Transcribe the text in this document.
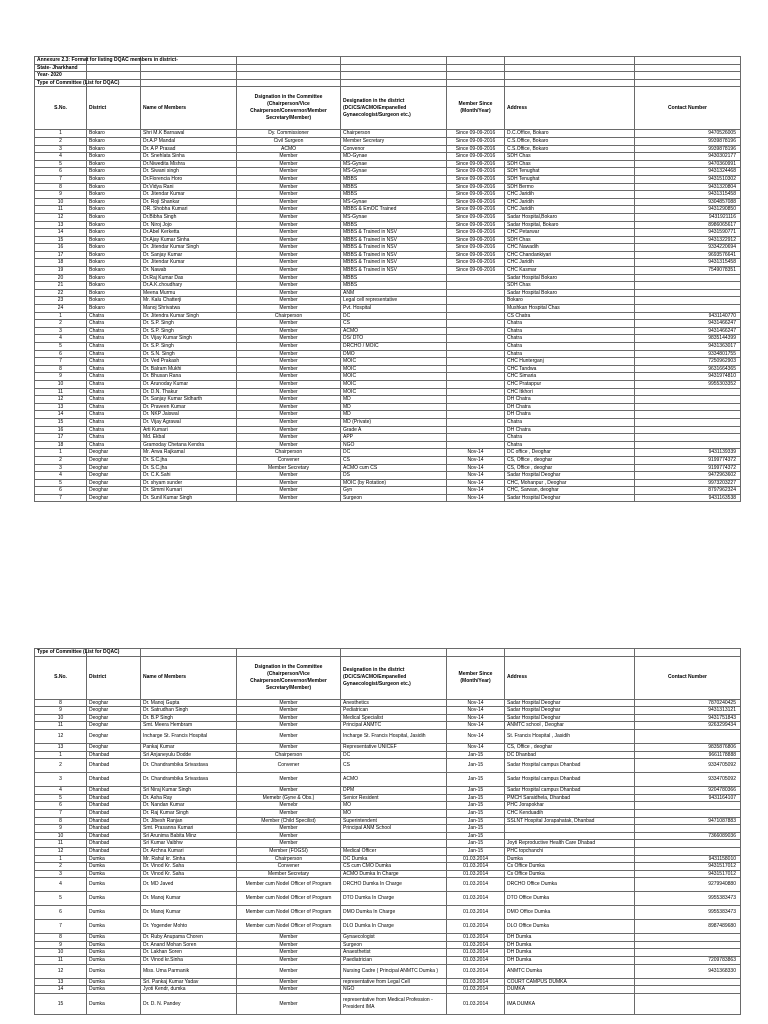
Annexure 2.3: Format for listing DQAC members in district-							
State- Jharkhand							
Year- 2020							
Type of Committee (List for DQAC)							
S.No.	District	Name of Members	Dsignation in the Committee (Chairperson/Vice Chairperson/Convernor/Member Secretary/Member)	Designation in the district (DC/CS/ACMO/Empanelled Gynaecologist/Surgeon etc.)	Member Since (Month/Year)	Address	Contact Number
1	Bokaro	Shri M.K Barnawal	Dy. Commissioner	Chairperson	Since 09-09-2016	D.C.Office, Bokaro	9470526005
2	Bokaro	Dr.A.P Mandal	Civil Surgeon	Member Secretary	Since 09-09-2016	C.S.Office, Bokaro	9939878196
3	Bokaro	Dr. A P Prasad	ACMO	Convenor	Since 09-09-2016	C.S.Office, Bokaro	9939878196
4	Bokaro	Dr. Snehlata Sinha	Member	MD-Gynae	Since 09-09-2016	SDH Chas	9430302177
5	Bokaro	Dr.Niwedita Mishra	Member	MS-Gynae	Since 09-09-2016	SDH Chas	9470360991
6	Bokaro	Dr. Siwani singh	Member	MS-Gynae	Since 09-09-2016	SDH Tenughat	9431324468
7	Bokaro	Dr.Florencia Horo	Member	MBBS	Since 09-09-2016	SDH Tenughat	9431510302
8	Bokaro	Dr.Vidya Rani	Member	MBBS	Since 09-09-2016	SDH Bermo	9431320804
9	Bokaro	Dr. Jitendar Kumar	Member	MBBS	Since 09-09-2016	CHC Jaridih	9431315458
10	Bokaro	Dr. Roji Shankar	Member	MS-Gynae	Since 09-09-2016	CHC Jaridih	9304857088
11	Bokaro	DR. Shobha Kumari	Member	MBBS & EmOC Trained	Since 09-09-2016	CHC Jaridih	9431290850
12	Bokaro	Dr.Bibha Singh	Member	MS-Gynae	Since 09-09-2016	Sadar Hospital,Bokaro	9431921116
13	Bokaro	Dr. Niroj Jojo	Member	MBBS	Since 09-09-2016	Sadar Hospital, Bokaro	8986065617
14	Bokaro	Dr.Abel Kerketta	Member	MBBS & Trained in NSV	Since 09-09-2016	CHC Petarwar	9431590771
15	Bokaro	Dr.Ajay Kumar Sinha	Member	MBBS & Trained in NSV	Since 09-09-2016	SDH Chas	9431322912
16	Bokaro	Dr. Jitendar Kumar Singh	Member	MBBS & Trained in NSV	Since 09-09-2016	CHC Nawadih	9334220694
17	Bokaro	Dr. Sanjay Kumar	Member	MBBS & Trained in NSV	Since 09-09-2016	CHC Chandankiyari	9693576641
18	Bokaro	Dr. Jitendar Kumar	Member	MBBS & Trained in NSV	Since 09-09-2016	CHC Jaridih	9431315458
19	Bokaro	Dr. Nawab	Member	MBBS & Trained in NSV	Since 09-09-2016	CHC Kasmar	7549078351
20	Bokaro	Dr.Raj Kumar Das	Member	MBBS		Sadar Hospital Bokaro	
21	Bokaro	Dr.A.K.choudhary	Member	MBBS		SDH Chas	
22	Bokaro	Meena Murmu	Member	ANM		Sadar Hospital Bokaro	
23	Bokaro	Mr. Kalu Chatterji	Member	Legal cell representative		Bokaro	
24	Bokaro	Manoj Shrivatwa	Member	Pvt. Hospital		Mushkan Hospital Chas	
1	Chatra	Dr. Jitendra Kumar Singh	Chairperson	DC		CS Chatra	9431140770
2	Chatra	Dr. S.P. Singh	Member	CS		Chatra	9431466247
3	Chatra	Dr. S.P. Singh	Member	ACMO		Chatra	9431466247
4	Chatra	Dr. Vijay Kumar Singh	Member	DS/ DTO		Chatra	9835144399
5	Chatra	Dr. S.P. Singh	Member	DRCHO / MOIC		Chatra	9431363017
6	Chatra	Dr. S.N. Singh	Member	DMO		Chatra	9334801755
7	Chatra	Dr. Ved Prakash	Member	MOIC		CHC Hunterganj	7250962903
8	Chatra	Dr. Balram Mukhi	Member	MOIC		CHC Tandwa	9631664365
9	Chatra	Dr. Bhusan Rana	Member	MOIC		CHC Simaria	9431974810
10	Chatra	Dr. Arunoday Kumar	Member	MOIC		CHC Pratappur	9955303352
11	Chatra	Dr. D.N. Thakur	Member	MOIC		CHC Itkhori	
12	Chatra	Dr. Sanjay Kumar Sidharth	Member	MD		DH Chatra	
13	Chatra	Dr. Praveen Kumar	Member	MD		DH Chatra	
14	Chatra	Dr. NKP Jaiswal	Member	MD		DH Chatra	
15	Chatra	Dr. Vijay Agrawal	Member	MD (Private)		Chatra	
16	Chatra	Arti Kumari	Member	Grade A		DH Chatra	
17	Chatra	Md. Ekbal	Member	APP		Chatra	
18	Chatra	Gramoday Chetana Kendra	Member	NGO		Chatra	
1	Deoghar	Mr. Arwa Rajkamal	Chairperson	DC	Nov-14	DC office , Deoghar	9431139339
2	Deoghar	Dr. S.C.jha	Convener	CS	Nov-14	CS, Office , deoghar	9199774372
3	Deoghar	Dr. S.C.jha	Member Secretary	ACMO cum CS	Nov-14	CS, Office , deoghar	9199774372
4	Deoghar	Dr. C.K.Sahi	Member	DS	Nov-14	Sadar Hospital Deoghar	9472963602
5	Deoghar	Dr. shyam sunder	Member	MOIC (by Rotation)	Nov-14	CHC, Mohanpur , Deoghar	9973203227
6	Deoghar	Dr. Simmi Kumari	Member	Gyn	Nov-14	CHC, Sarwan, deoghar	8797962324
7	Deoghar	Dr. Sunil Kumar Singh	Member	Surgeon	Nov-14	Sadar Hospital Deoghar	9431163538
Type of Committee (List for DQAC)							
S.No.	District	Name of Members	Dsignation in the Committee (Chairperson/Vice Chairperson/Convernor/Member Secretary/Member)	Designation in the district (DC/CS/ACMO/Empanelled Gynaecologist/Surgeon etc.)	Member Since (Month/Year)	Address	Contact Number
8	Deoghar	Dr. Manoj Gupta	Member	Anesthetics	Nov-14	Sadar Hospital Deoghar	7870240425
9	Deoghar	Dr. Satrudhan Singh	Member	Pediatrican	Nov-14	Sadar Hospital Deoghar	9431313121
10	Deoghar	Dr. B.P Singh	Member	Medical Specialist	Nov-14	Sadar Hospital Deoghar	9431751843
11	Deoghar	Smt. Meera Hembram	Member	Principal ANMTC	Nov-14	ANMTC school , Deoghar	9263299434
12	Deoghar	Incharge St. Francis Hospital	Member	Incharge St. Francis Hospital, Jasidih	Nov-14	St. Francis Hospital , Jasidih	
13	Deoghar	Pankaj Kumar	Member	Representative UNICEF	Nov-14	CS, Office , deoghar	9835876806
1	Dhanbad	Sri Anjaneyulu Dodde	Chairperson	DC	Jan-15	DC Dhanbad	9661178888
2	Dhanbad	Dr. Chandrambika Srivastava	Convener	CS	Jan-15	Sadar Hospital campus Dhanbad	9334705092
3	Dhanbad	Dr. Chandrambika Srivastava	Member	ACMO	Jan-15	Sadar Hospital campus Dhanbad	9334705092
4	Dhanbad	Sri Niraj Kumar Singh	Member	DPM	Jan-15	Sadar Hospital campus Dhanbad	9204780366
5	Dhanbad	Dr. Asha Ray	Memebr (Gyne & Obs.)	Senior Resident	Jan-15	PMCH Saraidhela, Dhanbad	9431164107
6	Dhanbad	Dr. Nandan Kumar	Memebr	MO	Jan-15	PHC Jorapokhar	
7	Dhanbad	Dr. Raj Kumar Singh	Member	MO	Jan-15	CHC Kenduadih	
8	Dhanbad	Dr. Jibesh Ranjan	Member (Child Specilist)	Superintendent	Jan-15	SSLNT Hospital Jorapahatak, Dhanbad	9471087883
9	Dhanbad	Smt. Prasanna Kumari	Member	Principal ANM School	Jan-15		
10	Dhanbad	Sri Arunima Babita Minz	Member		Jan-15		7366089036
11	Dhanbad	Sri Kumar Vaibhw	Member		Jan-15	Joyti Reproductive Health Care Dhabad	
12	Dhanbad	Dr. Archna Kumari	Member (FOGSI)	Medical Officer	Jan-15	PHC topchanchi	
1	Dumka	Mr. Rahul kr. Sinha	Chairperson	DC Dumka	01.03.2014	Dumka	9431158010
2	Dumka	Dr. Vinod Kr. Saha	Convener	CS cum CMO Dumka	01.03.2014	Cs Office Dumka	9431517012
3	Dumka	Dr. Vinod Kr. Saha	Member Secretary	ACMO Dumka In Charge	01.03.2014	Cs Office Dumka	9431517012
4	Dumka	Dr. MD Javed	Member cum Nodel Officer of Program	DRCHO Dumka In Charge	01.03.2014	DRCHO Office Dumka	9279940880
5	Dumka	Dr. Manoj Kumar	Member cum Nodel Officer of Program	DTO Dumka In Charge	01.03.2014	DTO Office Dumka	9955383473
6	Dumka	Dr. Manoj Kumar	Member cum Nodel Officer of Program	DMO Dumka In Charge	01.03.2014	DMO Office Dumka	9955383473
7	Dumka	Dr. Yogender Mohto	Member cum Nodel Officer of Program	DLO Dumka In Charge	01.03.2014	DLO Office Dumka	8987489680
8	Dumka	Dr. Ruby Anupama Choren	Member	Gynaecologist	01.03.2014	DH Dumka	
9	Dumka	Dr. Anand Mohan Soren	Member	Surgeon	01.03.2014	DH Dumka	
10	Dumka	Dr. Lakhan Soren	Member	Anaesthetist	01.03.2014	DH Dumka	
11	Dumka	Dr. Vinod kr.Sinha	Member	Paediatrician	01.03.2014	DH Dumka	7209783863
12	Dumka	Miss. Uma Parmanik	Member	Nursing Cadre ( Principal ANMTC Dumka )	01.03.2014	ANMTC Dumka	9431368330
13	Dumka	Sri. Pankaj Kumar Yadav	Member	representative from Legal Cell	01.03.2014	COURT CAMPUS DUMKA	
14	Dumka	Jyoti Kendr, dumka	Member	NGO	01.03.2014	DUMKA	
15	Dumka	Dr. D. N. Pandey	Member	representative from Medical Profession - President IMA	01.03.2014	IMA DUMKA	
